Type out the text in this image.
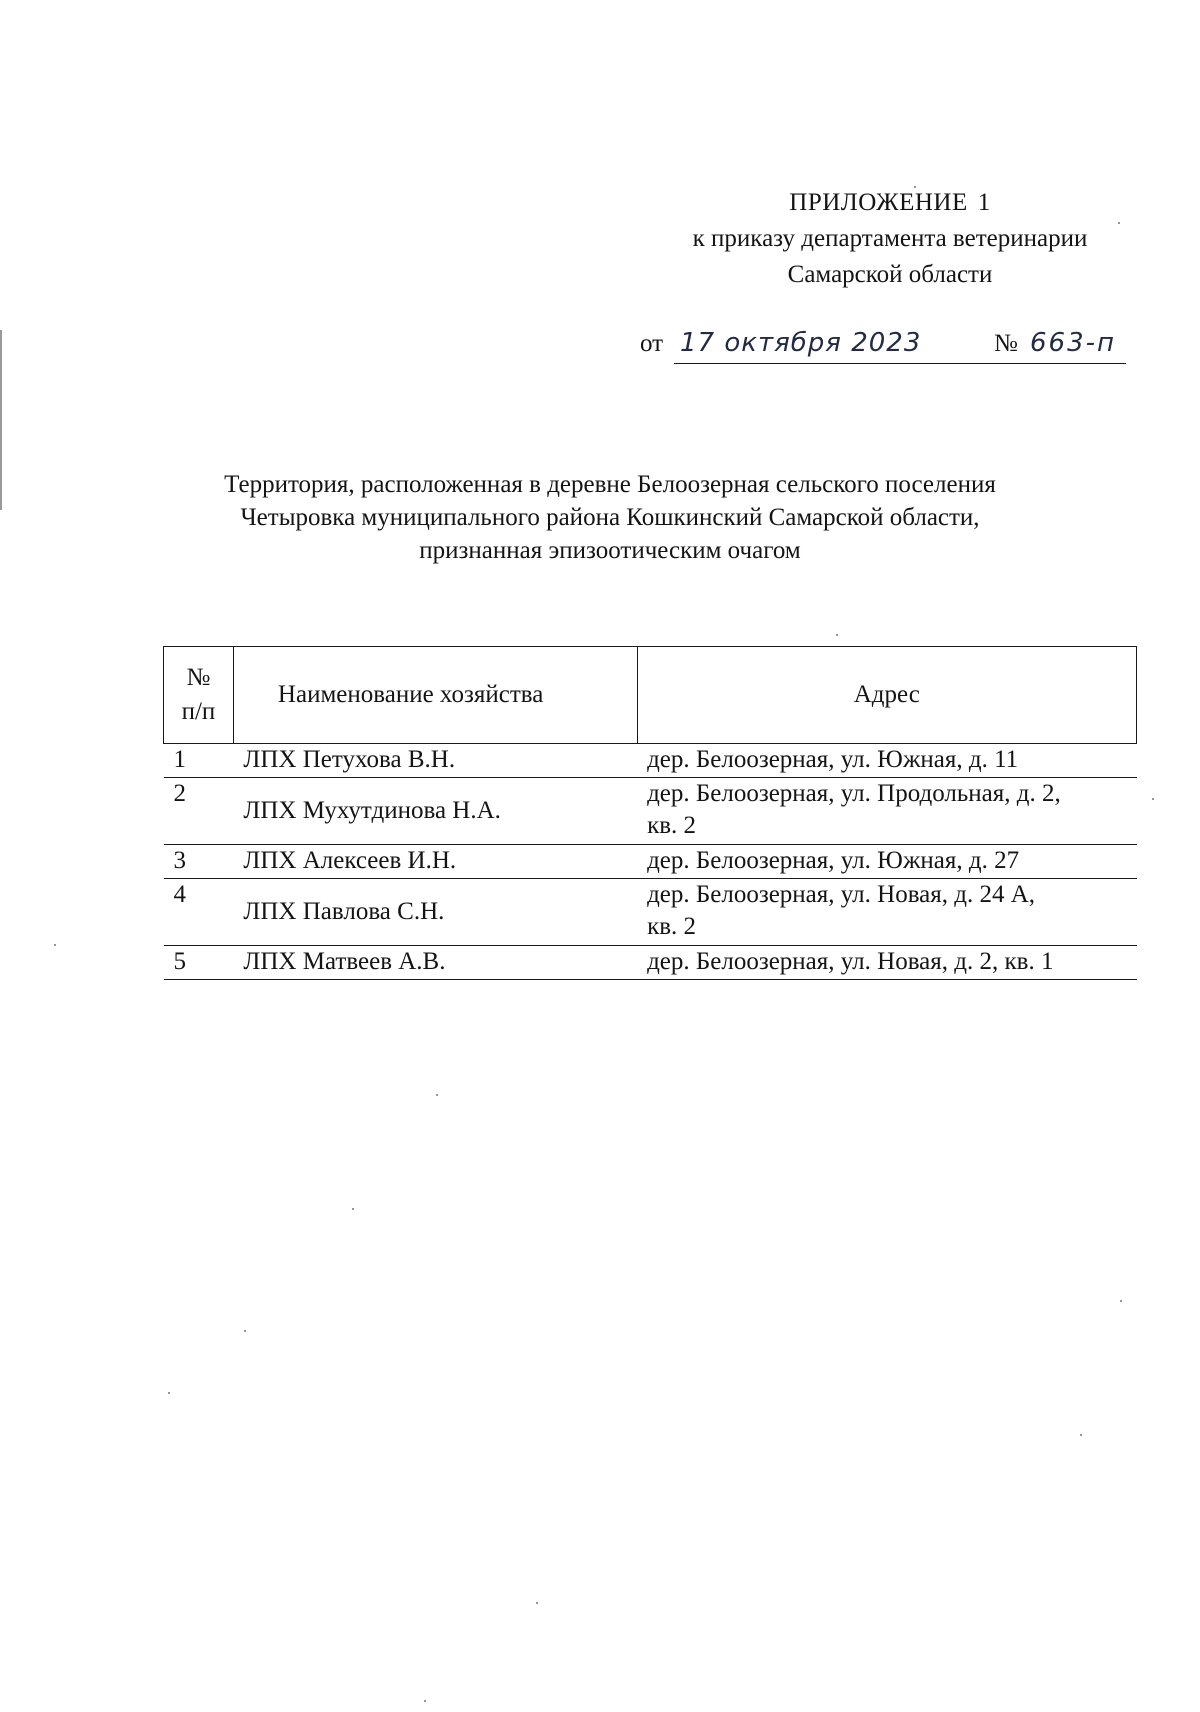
ПРИЛОЖЕНИЕ 1
к приказу департамента ветеринарии
Самарской области
от 17 октября 2023	№ 663-п
Территория, расположенная в деревне Белоозерная сельского поселения
Четыровка муниципального района Кошкинский Самарской области,
признанная эпизоотическим очагом
№
п/п	Наименование хозяйства	Адрес
1	ЛПХ Петухова В.Н.	дер. Белоозерная, ул. Южная, д. 11

2	ЛПХ Мухутдинова Н.А.	дер. Белоозерная, ул. Продольная, д. 2,
кв. 2

3	ЛПХ Алексеев И.Н.	дер. Белоозерная, ул. Южная, д. 27

4	ЛПХ Павлова С.Н.	дер. Белоозерная, ул. Новая, д. 24 А,
кв. 2

5	ЛПХ Матвеев А.В.	дер. Белоозерная, ул. Новая, д. 2, кв. 1
